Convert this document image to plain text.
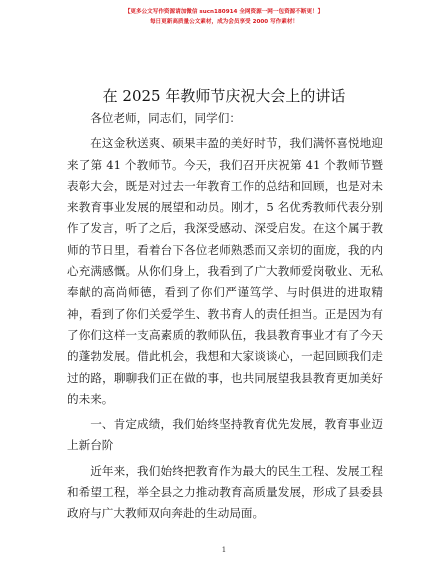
【更多公文写作资源请加微信 sucn180914 全网资源一网一包资源不断更！】
每日更新高质量公文素材，成为会员享受 2000 写作素材！
在 2025 年教师节庆祝大会上的讲话

各位老师，同志们，同学们：

在这金秋送爽、硕果丰盈的美好时节，我们满怀喜悦地迎来了第 41 个教师节。今天，我们召开庆祝第 41 个教师节暨表彰大会，既是对过去一年教育工作的总结和回顾，也是对未来教育事业发展的展望和动员。刚才，5 名优秀教师代表分别作了发言，听了之后，我深受感动、深受启发。在这个属于教师的节日里，看着台下各位老师熟悉而又亲切的面庞，我的内心充满感慨。从你们身上，我看到了广大教师爱岗敬业、无私奉献的高尚师德，看到了你们严谨笃学、与时俱进的进取精神，看到了你们关爱学生、教书育人的责任担当。正是因为有了你们这样一支高素质的教师队伍，我县教育事业才有了今天的蓬勃发展。借此机会，我想和大家谈谈心，一起回顾我们走过的路，聊聊我们正在做的事，也共同展望我县教育更加美好的未来。

一、肯定成绩，我们始终坚持教育优先发展，教育事业迈上新台阶

近年来，我们始终把教育作为最大的民生工程、发展工程和希望工程，举全县之力推动教育高质量发展，形成了县委县政府与广大教师双向奔赴的生动局面。

1
